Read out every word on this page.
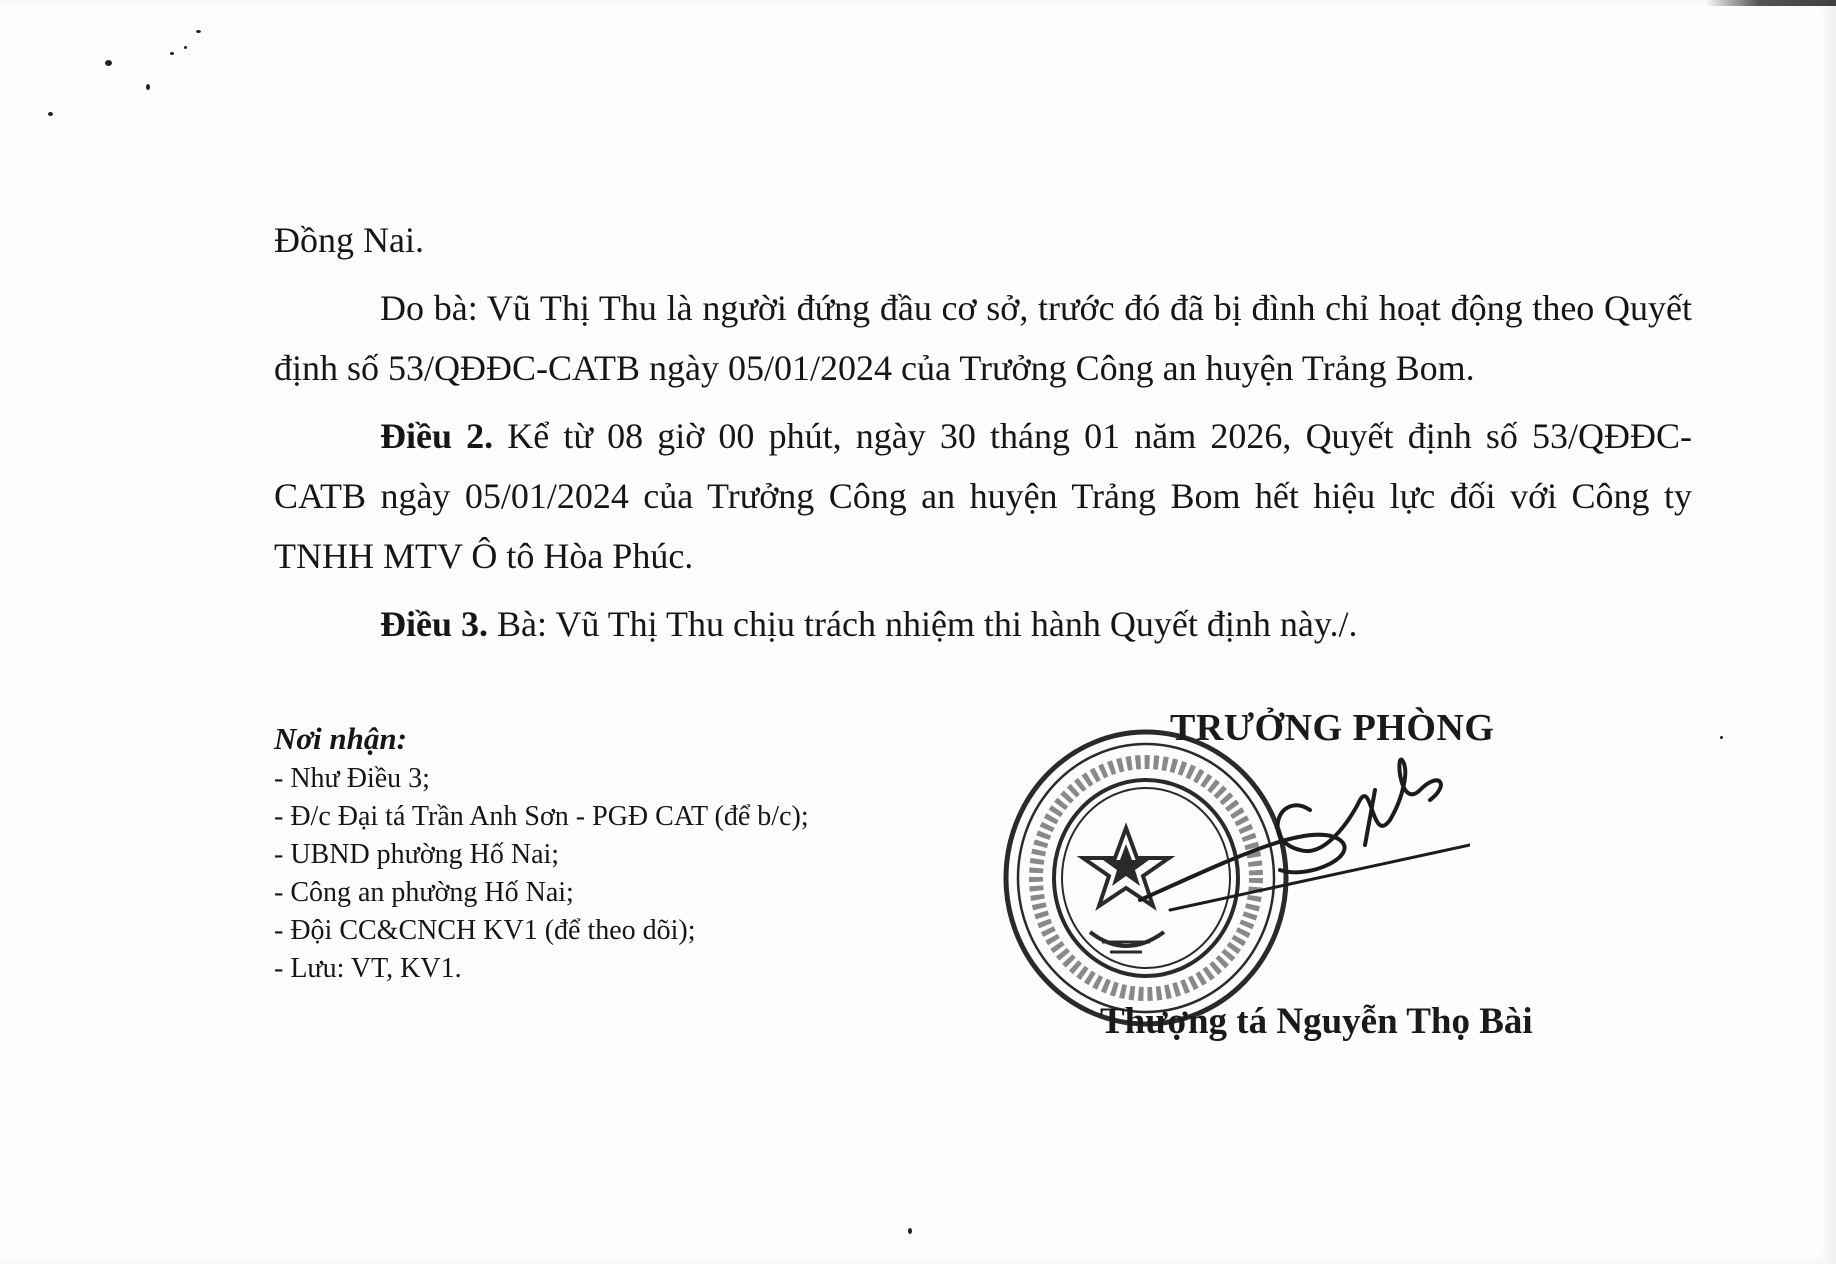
Đồng Nai.

Do bà: Vũ Thị Thu là người đứng đầu cơ sở, trước đó đã bị đình chỉ hoạt động theo Quyết định số 53/QĐĐC-CATB ngày 05/01/2024 của Trưởng Công an huyện Trảng Bom.

Điều 2. Kể từ 08 giờ 00 phút, ngày 30 tháng 01 năm 2026, Quyết định số 53/QĐĐC-CATB ngày 05/01/2024 của Trưởng Công an huyện Trảng Bom hết hiệu lực đối với Công ty TNHH MTV Ô tô Hòa Phúc.

Điều 3. Bà: Vũ Thị Thu chịu trách nhiệm thi hành Quyết định này./.

Nơi nhận:
- Như Điều 3;
- Đ/c Đại tá Trần Anh Sơn - PGĐ CAT (để b/c);
- UBND phường Hố Nai;
- Công an phường Hố Nai;
- Đội CC&CNCH KV1 (để theo dõi);
- Lưu: VT, KV1.
TRƯỞNG PHÒNG
Thượng tá Nguyễn Thọ Bài
